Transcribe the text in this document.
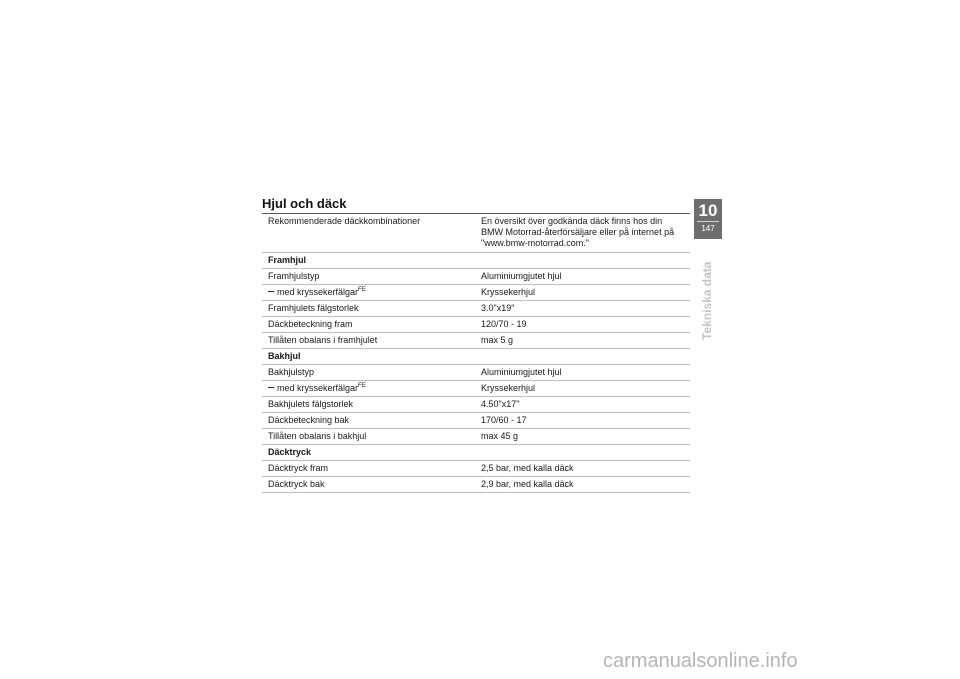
Hjul och däck
Rekommenderade däckkombinationer	En översikt över godkända däck finns hos din
BMW Motorrad-återförsäljare eller på internet på
"www.bmw-motorrad.com."
Framhjul
Framhjulstyp	Aluminiumgjutet hjul
med kryssekerfälgar$^{FE}$	Kryssekerhjul
Framhjulets fälgstorlek	3.0"x19"
Däckbeteckning fram	120/70 - 19
Tillåten obalans i framhjulet	max 5 g
Bakhjul
Bakhjulstyp	Aluminiumgjutet hjul
med kryssekerfälgar$^{FE}$	Kryssekerhjul
Bakhjulets fälgstorlek	4.50"x17"
Däckbeteckning bak	170/60 - 17
Tillåten obalans i bakhjul	max 45 g
Däcktryck
Däcktryck fram	2,5 bar, med kalla däck
Däcktryck bak	2,9 bar, med kalla däck
10
147
Tekniska data
carmanualsonline.info
